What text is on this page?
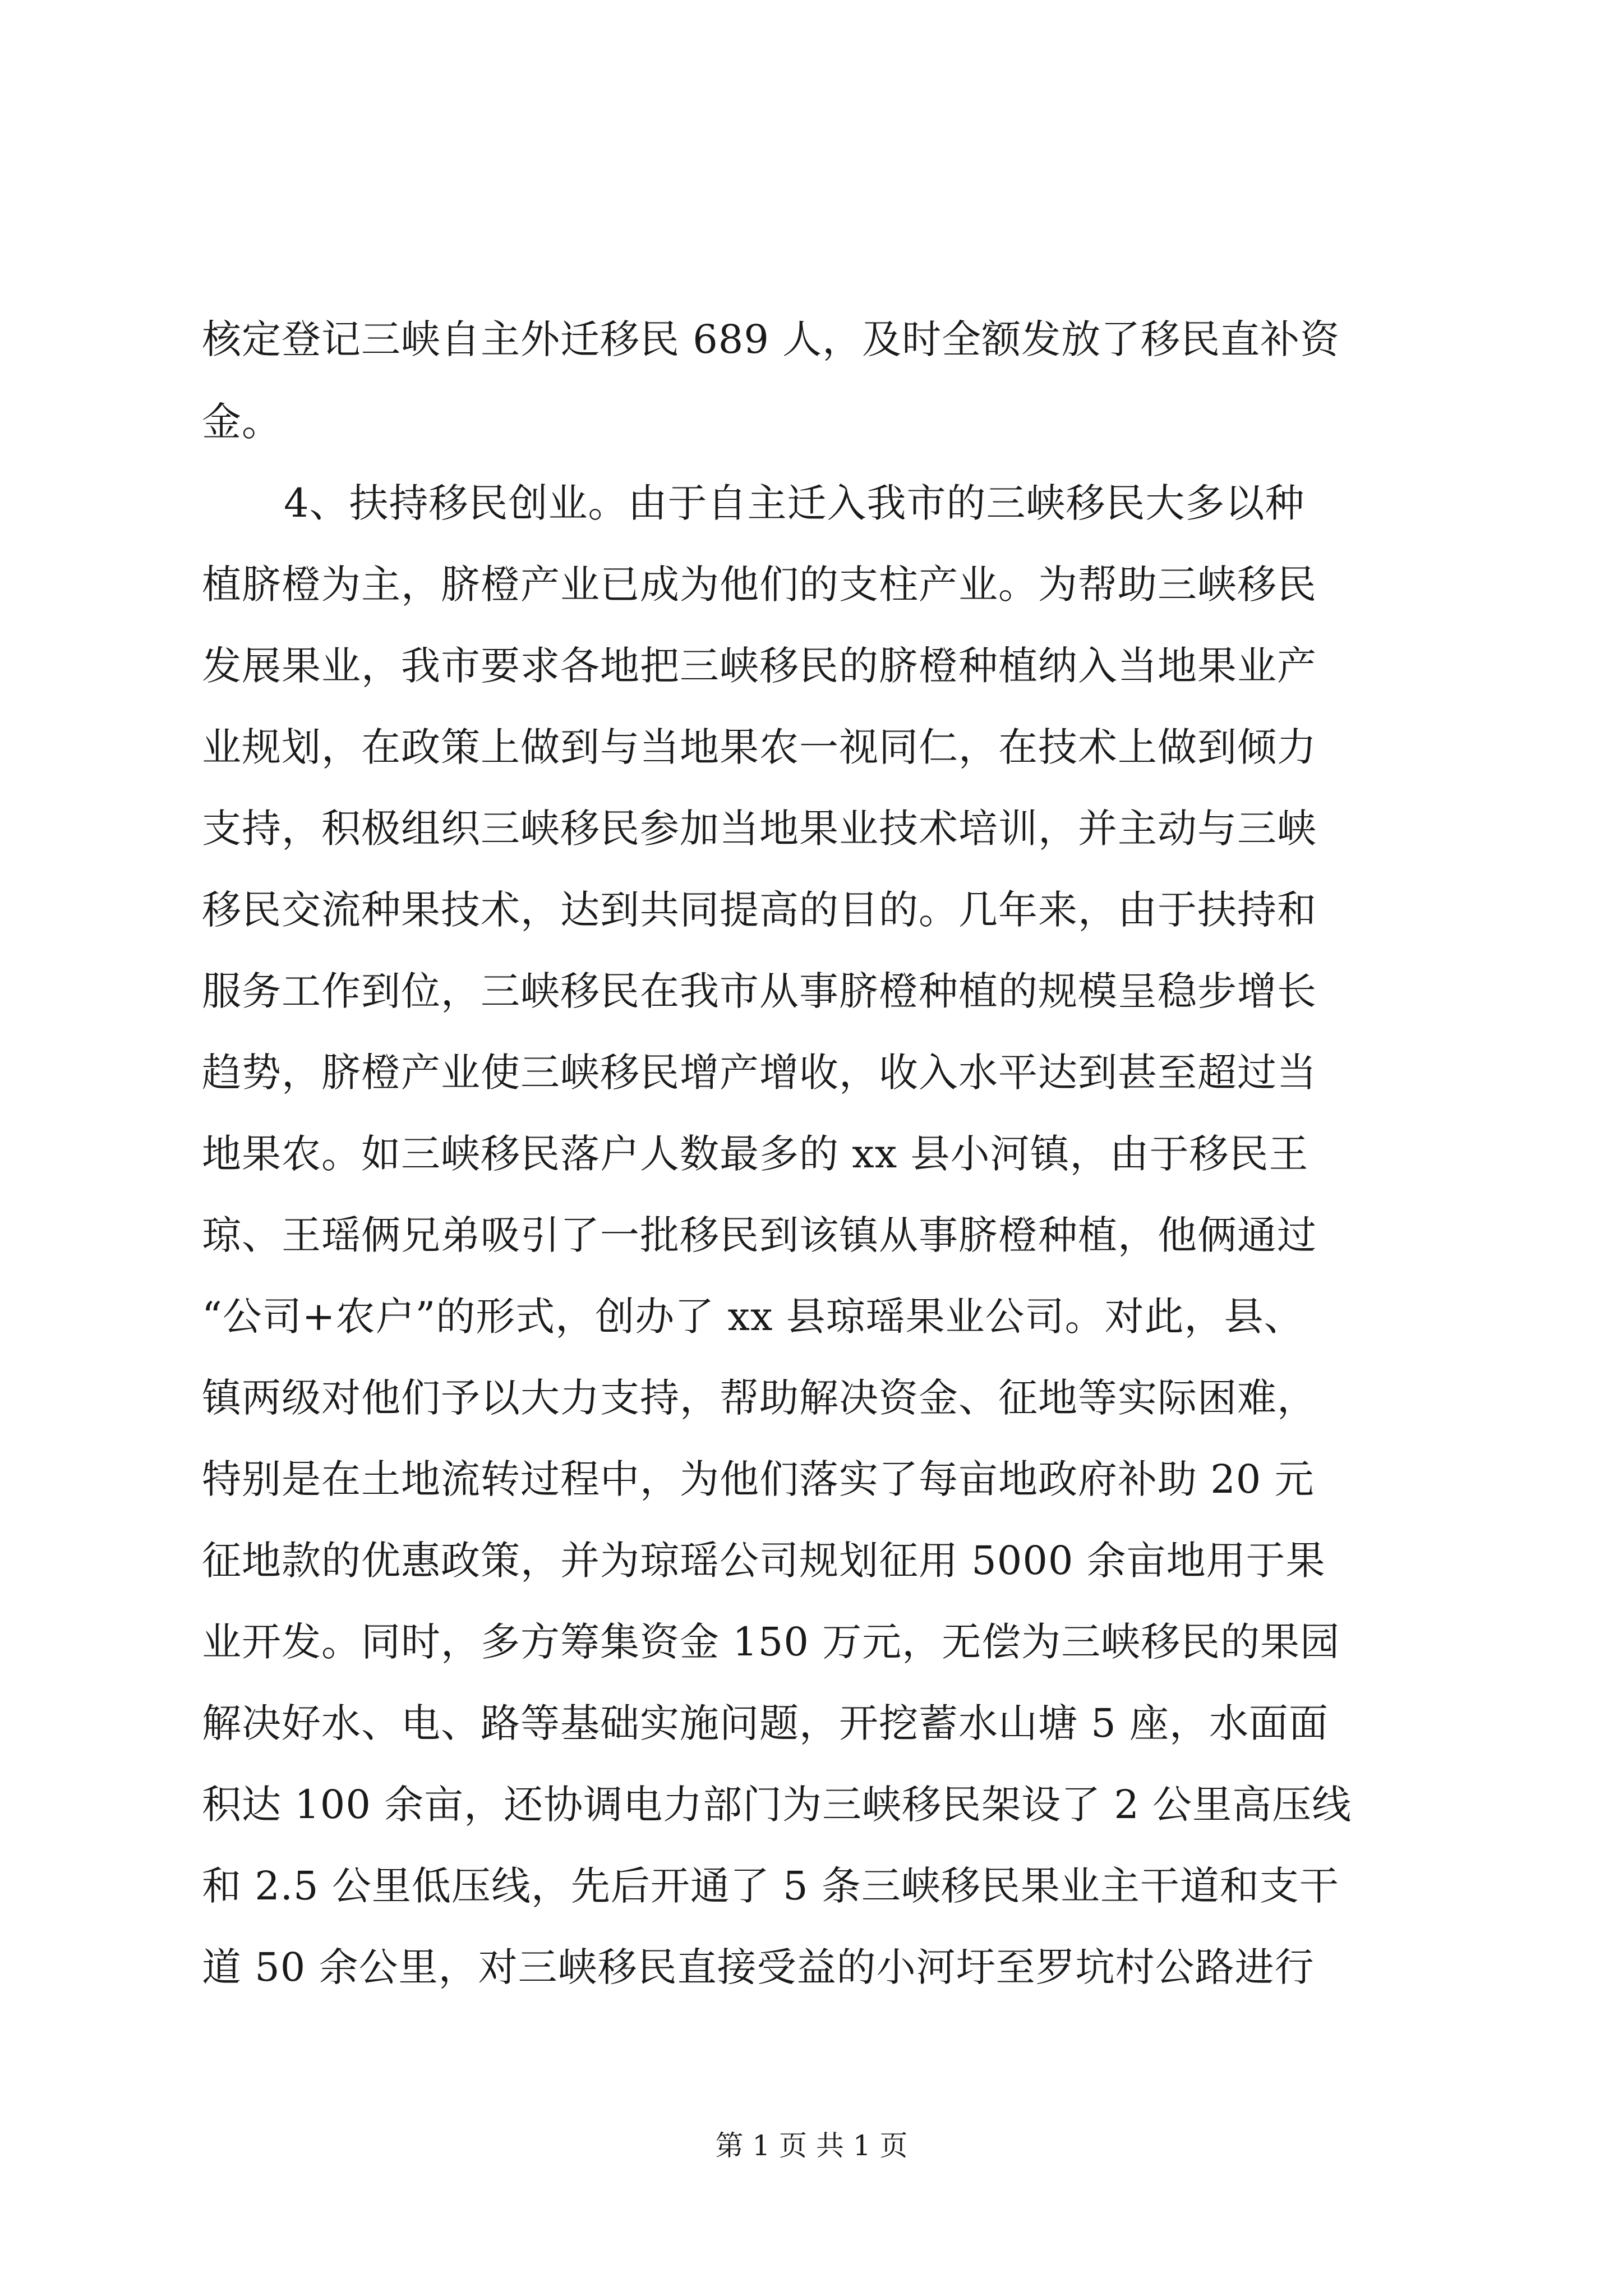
核定登记三峡自主外迁移民 689 人，及时全额发放了移民直补资
金。
4、扶持移民创业。由于自主迁入我市的三峡移民大多以种
植脐橙为主，脐橙产业已成为他们的支柱产业。为帮助三峡移民
发展果业，我市要求各地把三峡移民的脐橙种植纳入当地果业产
业规划，在政策上做到与当地果农一视同仁，在技术上做到倾力
支持，积极组织三峡移民参加当地果业技术培训，并主动与三峡
移民交流种果技术，达到共同提高的目的。几年来，由于扶持和
服务工作到位，三峡移民在我市从事脐橙种植的规模呈稳步增长
趋势，脐橙产业使三峡移民增产增收，收入水平达到甚至超过当
地果农。如三峡移民落户人数最多的 xx 县小河镇，由于移民王
琼、王瑶俩兄弟吸引了一批移民到该镇从事脐橙种植，他俩通过
“公司+农户”的形式，创办了 xx 县琼瑶果业公司。对此，县、
镇两级对他们予以大力支持，帮助解决资金、征地等实际困难，
特别是在土地流转过程中，为他们落实了每亩地政府补助 20 元
征地款的优惠政策，并为琼瑶公司规划征用 5000 余亩地用于果
业开发。同时，多方筹集资金 150 万元，无偿为三峡移民的果园
解决好水、电、路等基础实施问题，开挖蓄水山塘 5 座，水面面
积达 100 余亩，还协调电力部门为三峡移民架设了 2 公里高压线
和 2.5 公里低压线，先后开通了 5 条三峡移民果业主干道和支干
道 50 余公里，对三峡移民直接受益的小河圩至罗坑村公路进行
第 1 页 共 1 页
